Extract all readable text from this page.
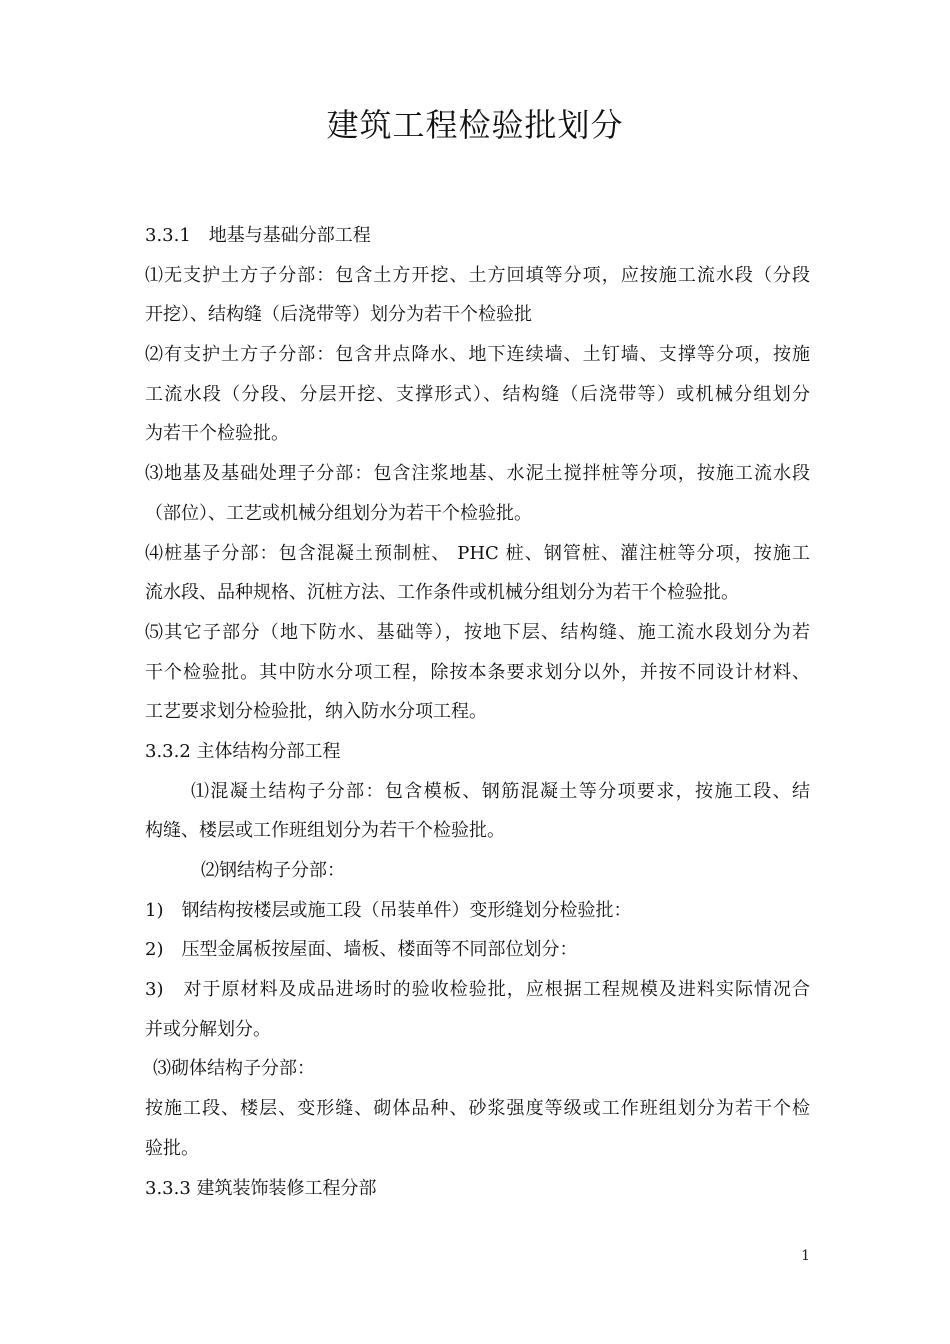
建筑工程检验批划分
3.3.1　地基与基础分部工程
⑴无支护土方子分部：包含土方开挖、土方回填等分项，应按施工流水段（分段
开挖）、结构缝（后浇带等）划分为若干个检验批
⑵有支护土方子分部：包含井点降水、地下连续墙、土钉墙、支撑等分项，按施
工流水段（分段、分层开挖、支撑形式）、结构缝（后浇带等）或机械分组划分
为若干个检验批。
⑶地基及基础处理子分部：包含注浆地基、水泥土搅拌桩等分项，按施工流水段
（部位）、工艺或机械分组划分为若干个检验批。
⑷桩基子分部：包含混凝土预制桩、 PHC 桩、钢管桩、灌注桩等分项，按施工
流水段、品种规格、沉桩方法、工作条件或机械分组划分为若干个检验批。
⑸其它子部分（地下防水、基础等），按地下层、结构缝、施工流水段划分为若
干个检验批。其中防水分项工程，除按本条要求划分以外，并按不同设计材料、
工艺要求划分检验批，纳入防水分项工程。
3.3.2 主体结构分部工程
⑴混凝土结构子分部：包含模板、钢筋混凝土等分项要求，按施工段、结
构缝、楼层或工作班组划分为若干个检验批。
⑵钢结构子分部：
1)　钢结构按楼层或施工段（吊装单件）变形缝划分检验批：
2)　压型金属板按屋面、墙板、楼面等不同部位划分：
3)　对于原材料及成品进场时的验收检验批，应根据工程规模及进料实际情况合
并或分解划分。
⑶砌体结构子分部：
按施工段、楼层、变形缝、砌体品种、砂浆强度等级或工作班组划分为若干个检
验批。
3.3.3 建筑装饰装修工程分部
1
